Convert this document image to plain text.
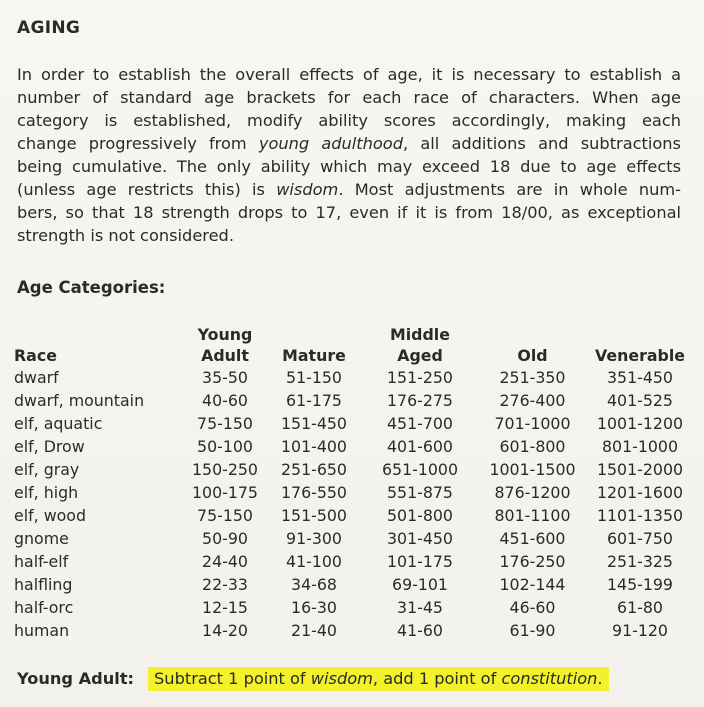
AGING
In order to establish the overall effects of age, it is necessary to establish a
number of standard age brackets for each race of characters. When age
category is established, modify ability scores accordingly, making each
change progressively from young adulthood, all additions and subtractions
being cumulative. The only ability which may exceed 18 due to age effects
(unless age restricts this) is wisdom. Most adjustments are in whole num-
bers, so that 18 strength drops to 17, even if it is from 18/00, as exceptional
strength is not considered.
Age Categories:
	Young		Middle		
Race	Adult	Mature	Aged	Old	Venerable
dwarf	35-50	51-150	151-250	251-350	351-450
dwarf, mountain	40-60	61-175	176-275	276-400	401-525
elf, aquatic	75-150	151-450	451-700	701-1000	1001-1200
elf, Drow	50-100	101-400	401-600	601-800	801-1000
elf, gray	150-250	251-650	651-1000	1001-1500	1501-2000
elf, high	100-175	176-550	551-875	876-1200	1201-1600
elf, wood	75-150	151-500	501-800	801-1100	1101-1350
gnome	50-90	91-300	301-450	451-600	601-750
half-elf	24-40	41-100	101-175	176-250	251-325
halfling	22-33	34-68	69-101	102-144	145-199
half-orc	12-15	16-30	31-45	46-60	61-80
human	14-20	21-40	41-60	61-90	91-120
Young Adult: Subtract 1 point of wisdom, add 1 point of constitution.
